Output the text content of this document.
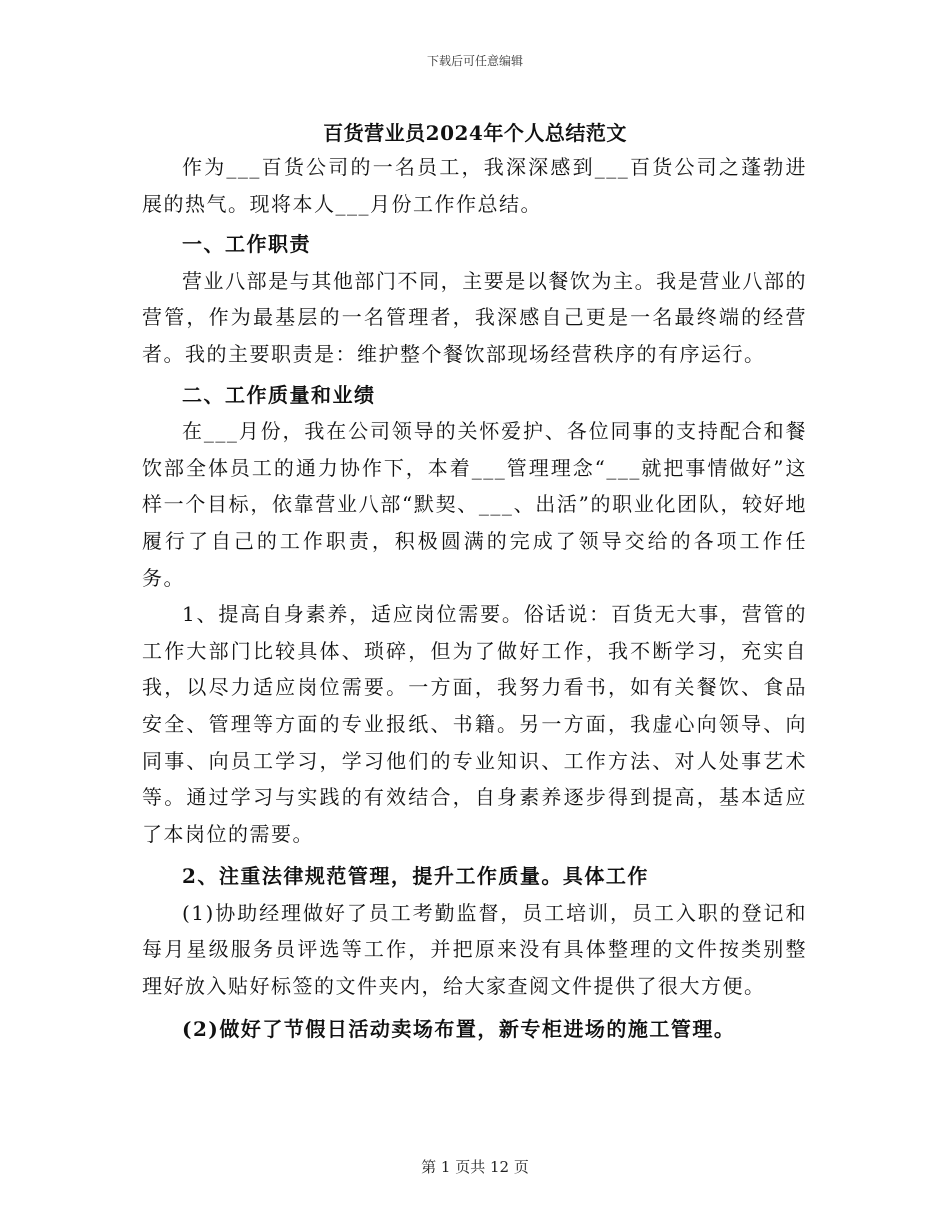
下载后可任意编辑
百货营业员2024年个人总结范文

作为___百货公司的一名员工，我深深感到___百货公司之蓬勃进展的热气。现将本人___月份工作作总结。

一、工作职责

营业八部是与其他部门不同，主要是以餐饮为主。我是营业八部的营管，作为最基层的一名管理者，我深感自己更是一名最终端的经营者。我的主要职责是：维护整个餐饮部现场经营秩序的有序运行。

二、工作质量和业绩

在___月份，我在公司领导的关怀爱护、各位同事的支持配合和餐饮部全体员工的通力协作下，本着___管理理念“___就把事情做好”这样一个目标，依靠营业八部“默契、___、出活”的职业化团队，较好地履行了自己的工作职责，积极圆满的完成了领导交给的各项工作任务。

1、提高自身素养，适应岗位需要。俗话说：百货无大事，营管的工作大部门比较具体、琐碎，但为了做好工作，我不断学习，充实自我，以尽力适应岗位需要。一方面，我努力看书，如有关餐饮、食品安全、管理等方面的专业报纸、书籍。另一方面，我虚心向领导、向同事、向员工学习，学习他们的专业知识、工作方法、对人处事艺术等。通过学习与实践的有效结合，自身素养逐步得到提高，基本适应了本岗位的需要。

2、注重法律规范管理，提升工作质量。具体工作

(1)协助经理做好了员工考勤监督，员工培训，员工入职的登记和每月星级服务员评选等工作，并把原来没有具体整理的文件按类别整理好放入贴好标签的文件夹内，给大家查阅文件提供了很大方便。

(2)做好了节假日活动卖场布置，新专柜进场的施工管理。

第 1 页共 12 页
